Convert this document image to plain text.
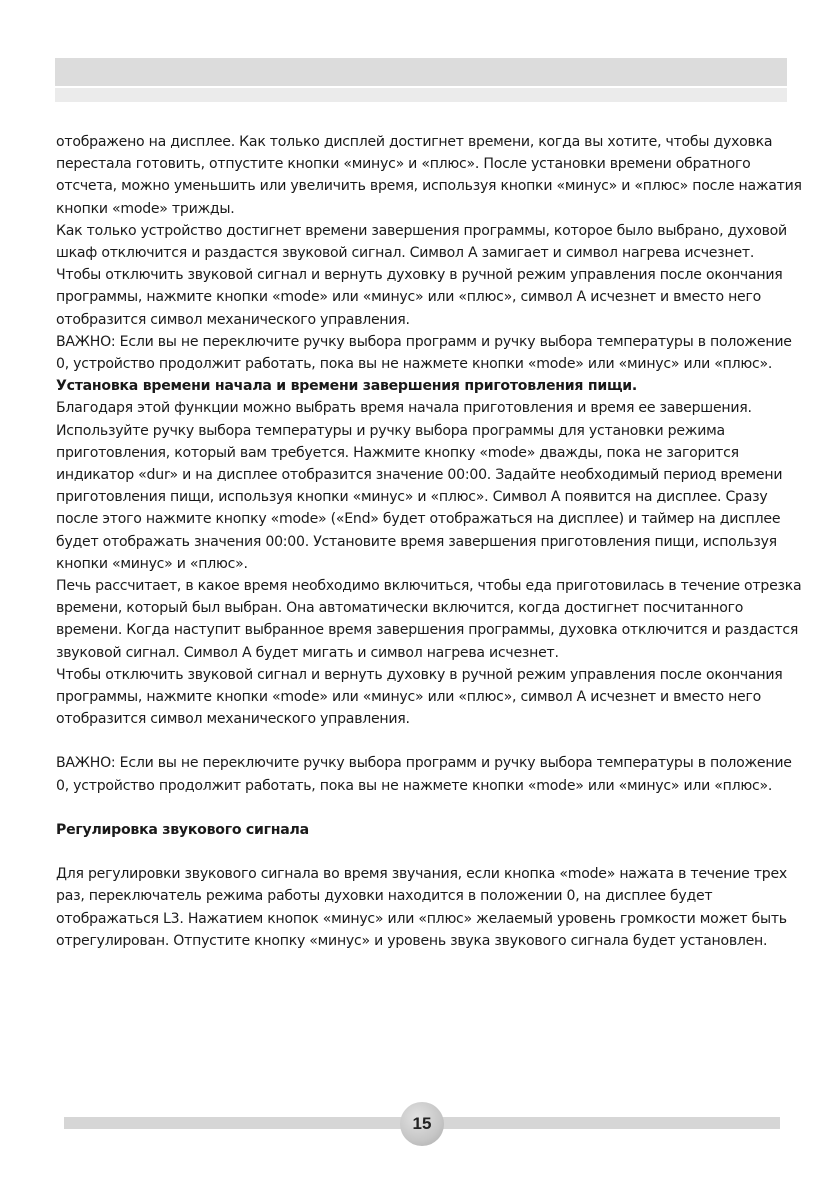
отображено на дисплее. Как только дисплей достигнет времени, когда вы хотите, чтобы духовка перестала готовить, отпустите кнопки «минус» и «плюс». После установки времени обратного отсчета, можно уменьшить или увеличить время, используя кнопки «минус» и «плюс» после нажатия кнопки «mode» трижды.

Как только устройство достигнет времени завершения программы, которое было выбрано, духовой шкаф отключится и раздастся звуковой сигнал. Символ А замигает и символ нагрева исчезнет.

Чтобы отключить звуковой сигнал и вернуть духовку в ручной режим управления после окончания программы, нажмите кнопки «mode» или «минус» или «плюс», символ А исчезнет и вместо него отобразится символ механического управления.

ВАЖНО: Если вы не переключите ручку выбора программ и ручку выбора температуры в положение 0, устройство продолжит работать, пока вы не нажмете кнопки «mode» или «минус» или «плюс».

Установка времени начала и времени завершения приготовления пищи.

Благодаря этой функции можно выбрать время начала приготовления и время ее завершения. Используйте ручку выбора температуры и ручку выбора программы для установки режима приготовления, который вам требуется. Нажмите кнопку «mode» дважды, пока не загорится индикатор «dur» и на дисплее отобразится значение 00:00. Задайте необходимый период времени приготовления пищи, используя кнопки «минус» и «плюс». Символ А появится на дисплее. Сразу после этого нажмите кнопку «mode» («End» будет отображаться на дисплее) и таймер на дисплее будет отображать значения 00:00. Установите время завершения приготовления пищи, используя кнопки «минус» и «плюс».

Печь рассчитает, в какое время необходимо включиться, чтобы еда приготовилась в течение отрезка времени, который был выбран. Она автоматически включится, когда достигнет посчитанного времени. Когда наступит выбранное время завершения программы, духовка отключится и раздастся звуковой сигнал. Символ А будет мигать и символ нагрева исчезнет.

Чтобы отключить звуковой сигнал и вернуть духовку в ручной режим управления после окончания программы, нажмите кнопки «mode» или «минус» или «плюс», символ А исчезнет и вместо него отобразится символ механического управления.

ВАЖНО: Если вы не переключите ручку выбора программ и ручку выбора температуры в положение 0, устройство продолжит работать, пока вы не нажмете кнопки «mode» или «минус» или «плюс».

Регулировка звукового сигнала

Для регулировки звукового сигнала во время звучания, если кнопка «mode» нажата в течение трех раз, переключатель режима работы духовки находится в положении 0, на дисплее будет отображаться L3. Нажатием кнопок «минус» или «плюс» желаемый уровень громкости может быть отрегулирован. Отпустите кнопку «минус» и уровень звука звукового сигнала будет установлен.

15
